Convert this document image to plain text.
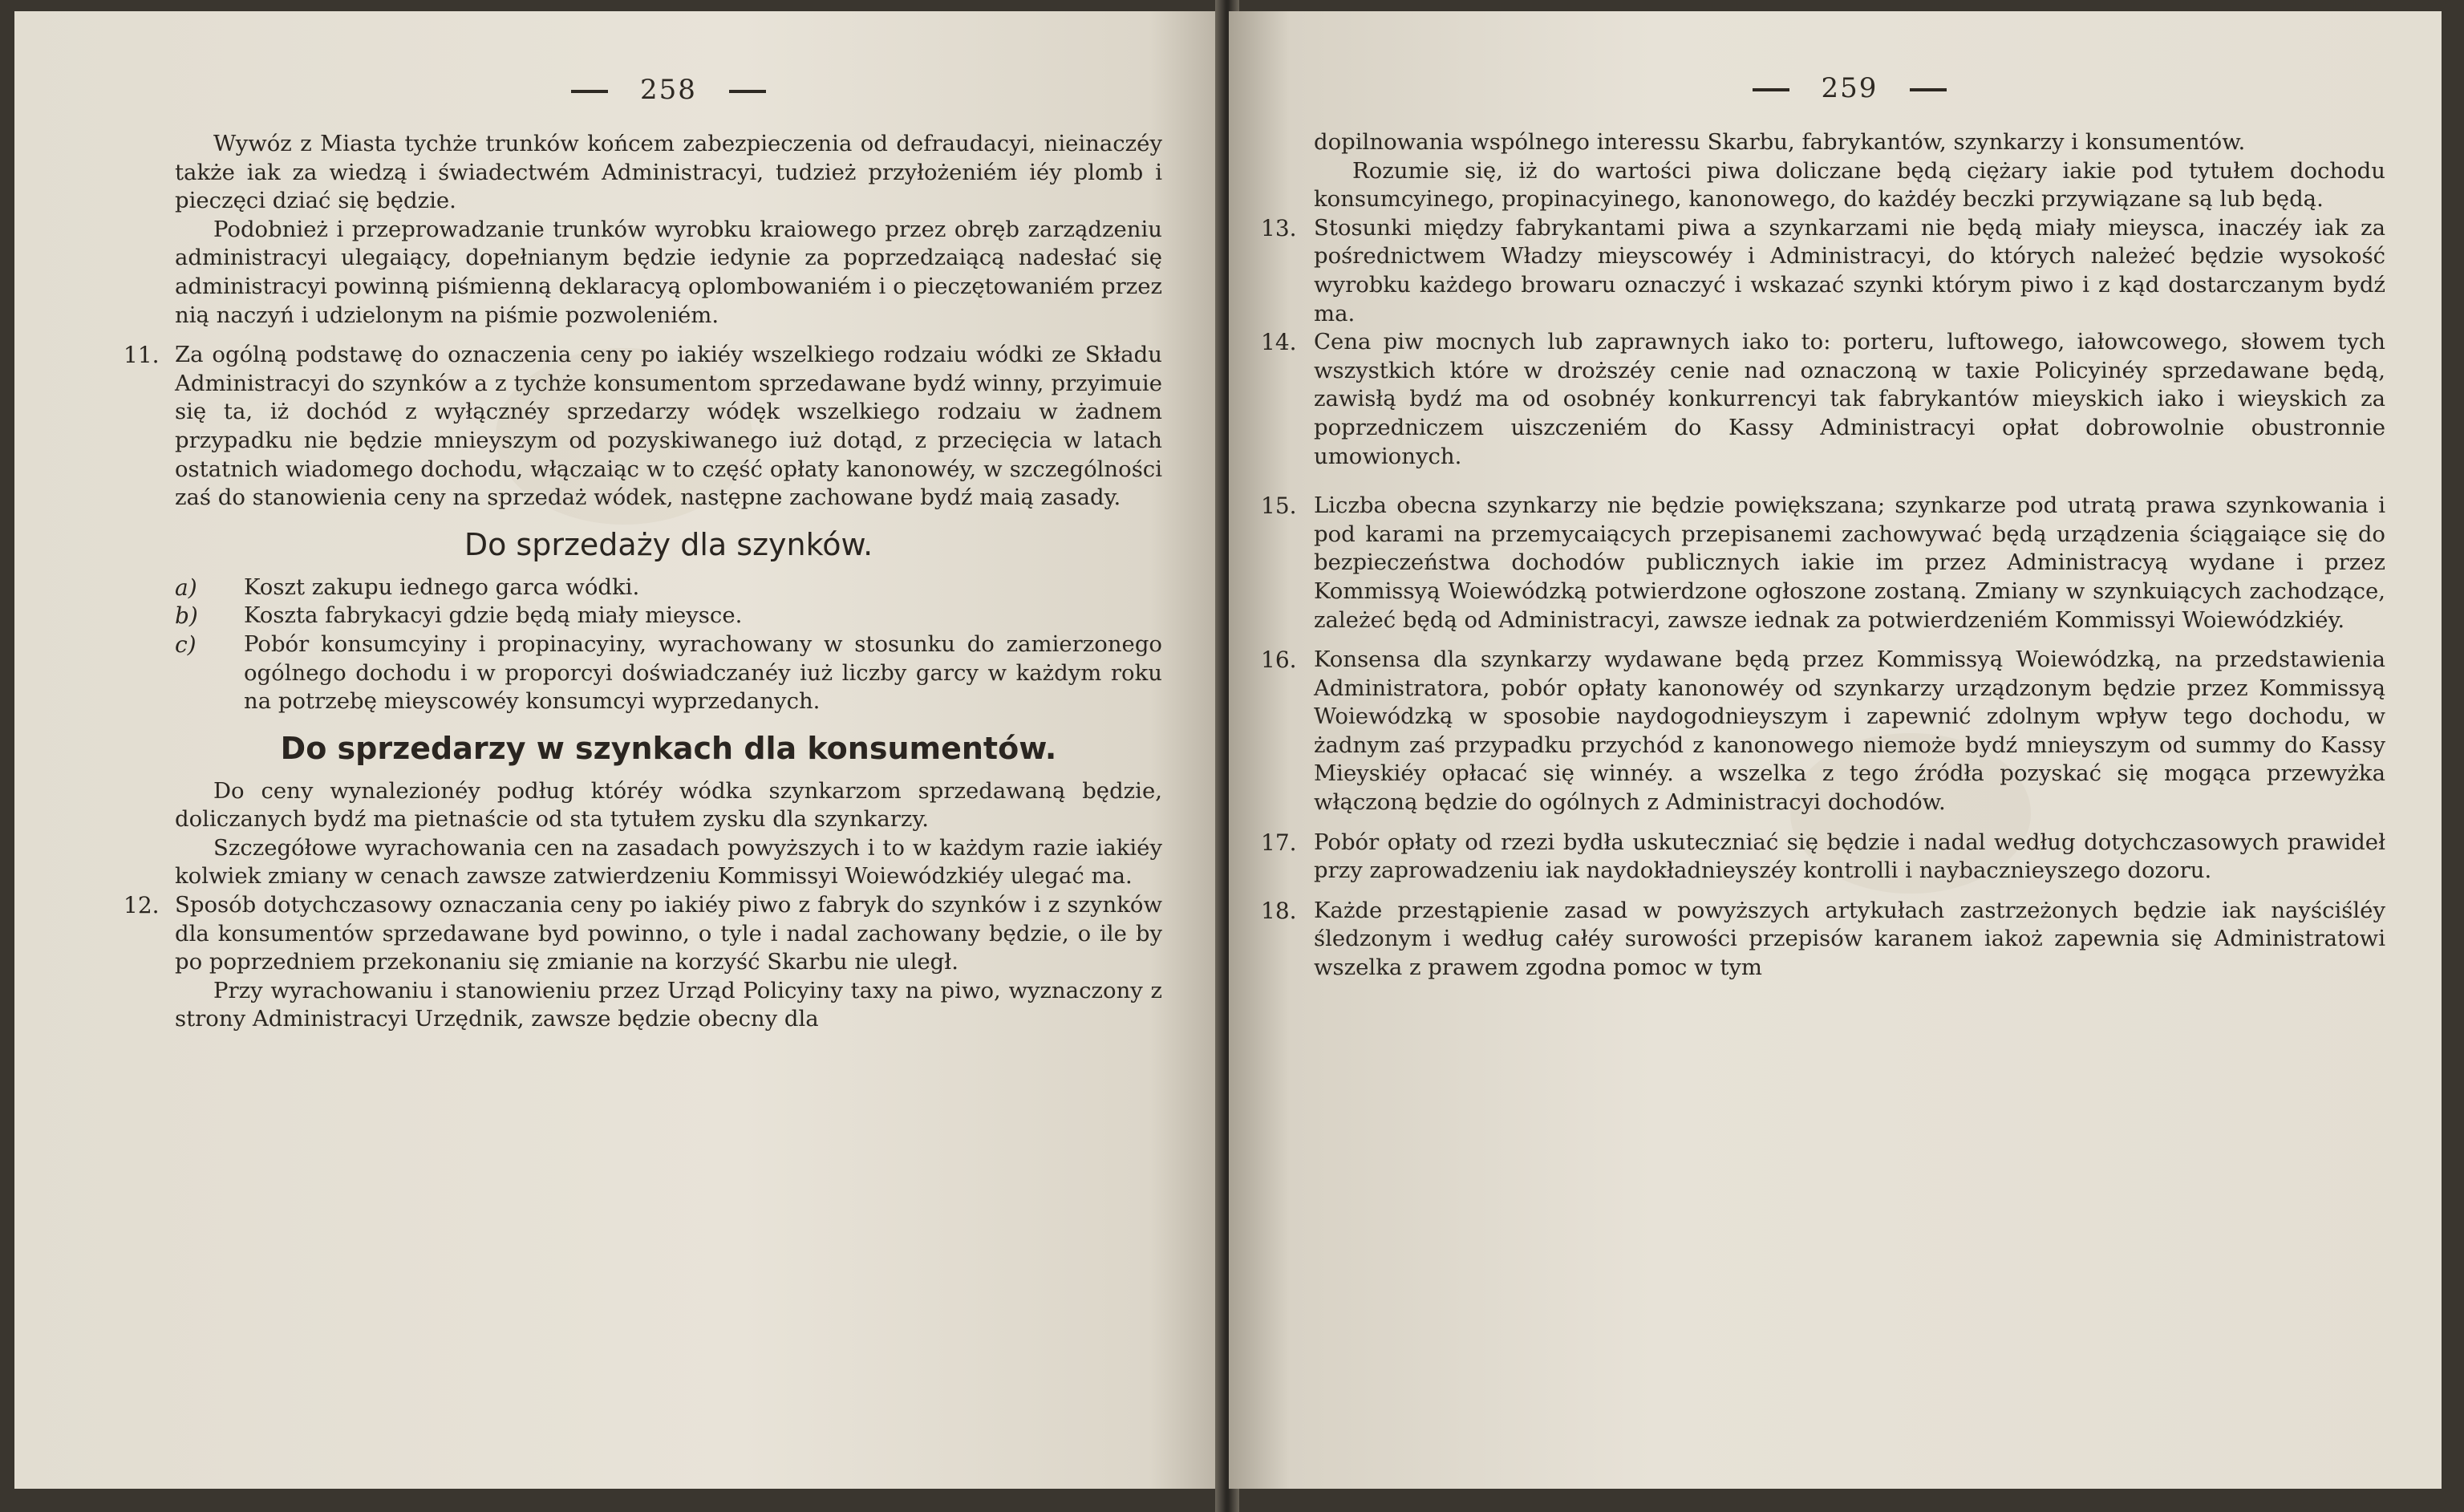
258

Wywóz z Miasta tychże trunków końcem zabezpieczenia od defraudacyi, nieinaczéy także iak za wiedzą i świadectwém Administracyi, tudzież przyłożeniém iéy plomb i pieczęci dziać się będzie.

Podobnież i przeprowadzanie trunków wyrobku kraiowego przez obręb zarządzeniu administracyi ulegaiący, dopełnianym będzie iedynie za poprzedzaiącą nadesłać się administracyi powinną piśmienną deklaracyą oplombowaniém i o pieczętowaniém przez nią naczyń i udzielonym na piśmie pozwoleniém.

11. Za ogólną podstawę do oznaczenia ceny po iakiéy wszelkiego rodzaiu wódki ze Składu Administracyi do szynków a z tychże konsumentom sprzedawane bydź winny, przyimuie się ta, iż dochód z wyłącznéy sprzedarzy wódęk wszelkiego rodzaiu w żadnem przypadku nie będzie mnieyszym od pozyskiwanego iuż dotąd, z przecięcia w latach ostatnich wiadomego dochodu, włączaiąc w to część opłaty kanonowéy, w szczególności zaś do stanowienia ceny na sprzedaż wódek, następne zachowane bydź maią zasady.

Do sprzedaży dla szynków.

a) Koszt zakupu iednego garca wódki.

b) Koszta fabrykacyi gdzie będą miały mieysce.

c) Pobór konsumcyiny i propinacyiny, wyrachowany w stosunku do zamierzonego ogólnego dochodu i w proporcyi doświadczanéy iuż liczby garcy w każdym roku na potrzebę mieyscowéy konsumcyi wyprzedanych.

Do sprzedarzy w szynkach dla konsumentów.

Do ceny wynalezionéy podług któréy wódka szynkarzom sprzedawaną będzie, doliczanych bydź ma pietnaście od sta tytułem zysku dla szynkarzy.

Szczegółowe wyrachowania cen na zasadach powyższych i to w każdym razie iakiéy kolwiek zmiany w cenach zawsze zatwierdzeniu Kommissyi Woiewódzkiéy ulegać ma.

12. Sposób dotychczasowy oznaczania ceny po iakiéy piwo z fabryk do szynków i z szynków dla konsumentów sprzedawane byd powinno, o tyle i nadal zachowany będzie, o ile by po poprzedniem przekonaniu się zmianie na korzyść Skarbu nie uległ.

Przy wyrachowaniu i stanowieniu przez Urząd Policyiny taxy na piwo, wyznaczony z strony Administracyi Urzędnik, zawsze będzie obecny dla

259

dopilnowania wspólnego interessu Skarbu, fabrykantów, szynkarzy i konsumentów.

Rozumie się, iż do wartości piwa doliczane będą ciężary iakie pod tytułem dochodu konsumcyinego, propinacyinego, kanonowego, do każdéy beczki przywiązane są lub będą.

13. Stosunki między fabrykantami piwa a szynkarzami nie będą miały mieysca, inaczéy iak za pośrednictwem Władzy mieyscowéy i Administracyi, do których należeć będzie wysokość wyrobku każdego browaru oznaczyć i wskazać szynki którym piwo i z kąd dostarczanym bydź ma.

14. Cena piw mocnych lub zaprawnych iako to: porteru, luftowego, iałowcowego, słowem tych wszystkich które w droższéy cenie nad oznaczoną w taxie Policyinéy sprzedawane będą, zawisłą bydź ma od osobnéy konkurrencyi tak fabrykantów mieyskich iako i wieyskich za poprzedniczem uiszczeniém do Kassy Administracyi opłat dobrowolnie obustronnie umowionych.

15. Liczba obecna szynkarzy nie będzie powiększana; szynkarze pod utratą prawa szynkowania i pod karami na przemycaiących przepisanemi zachowywać będą urządzenia ściągaiące się do bezpieczeństwa dochodów publicznych iakie im przez Administracyą wydane i przez Kommissyą Woiewódzką potwierdzone ogłoszone zostaną. Zmiany w szynkuiących zachodzące, zależeć będą od Administracyi, zawsze iednak za potwierdzeniém Kommissyi Woiewódzkiéy.

16. Konsensa dla szynkarzy wydawane będą przez Kommissyą Woiewódzką, na przedstawienia Administratora, pobór opłaty kanonowéy od szynkarzy urządzonym będzie przez Kommissyą Woiewódzką w sposobie naydogodnieyszym i zapewnić zdolnym wpływ tego dochodu, w żadnym zaś przypadku przychód z kanonowego niemoże bydź mnieyszym od summy do Kassy Mieyskiéy opłacać się winnéy. a wszelka z tego źródła pozyskać się mogąca przewyżka włączoną będzie do ogólnych z Administracyi dochodów.

17. Pobór opłaty od rzezi bydła uskuteczniać się będzie i nadal według dotychczasowych prawideł przy zaprowadzeniu iak naydokładnieyszéy kontrolli i naybacznieyszego dozoru.

18. Każde przestąpienie zasad w powyższych artykułach zastrzeżonych będzie iak nayściśléy śledzonym i według całéy surowości przepisów karanem iakoż zapewnia się Administratowi wszelka z prawem zgodna pomoc w tym
